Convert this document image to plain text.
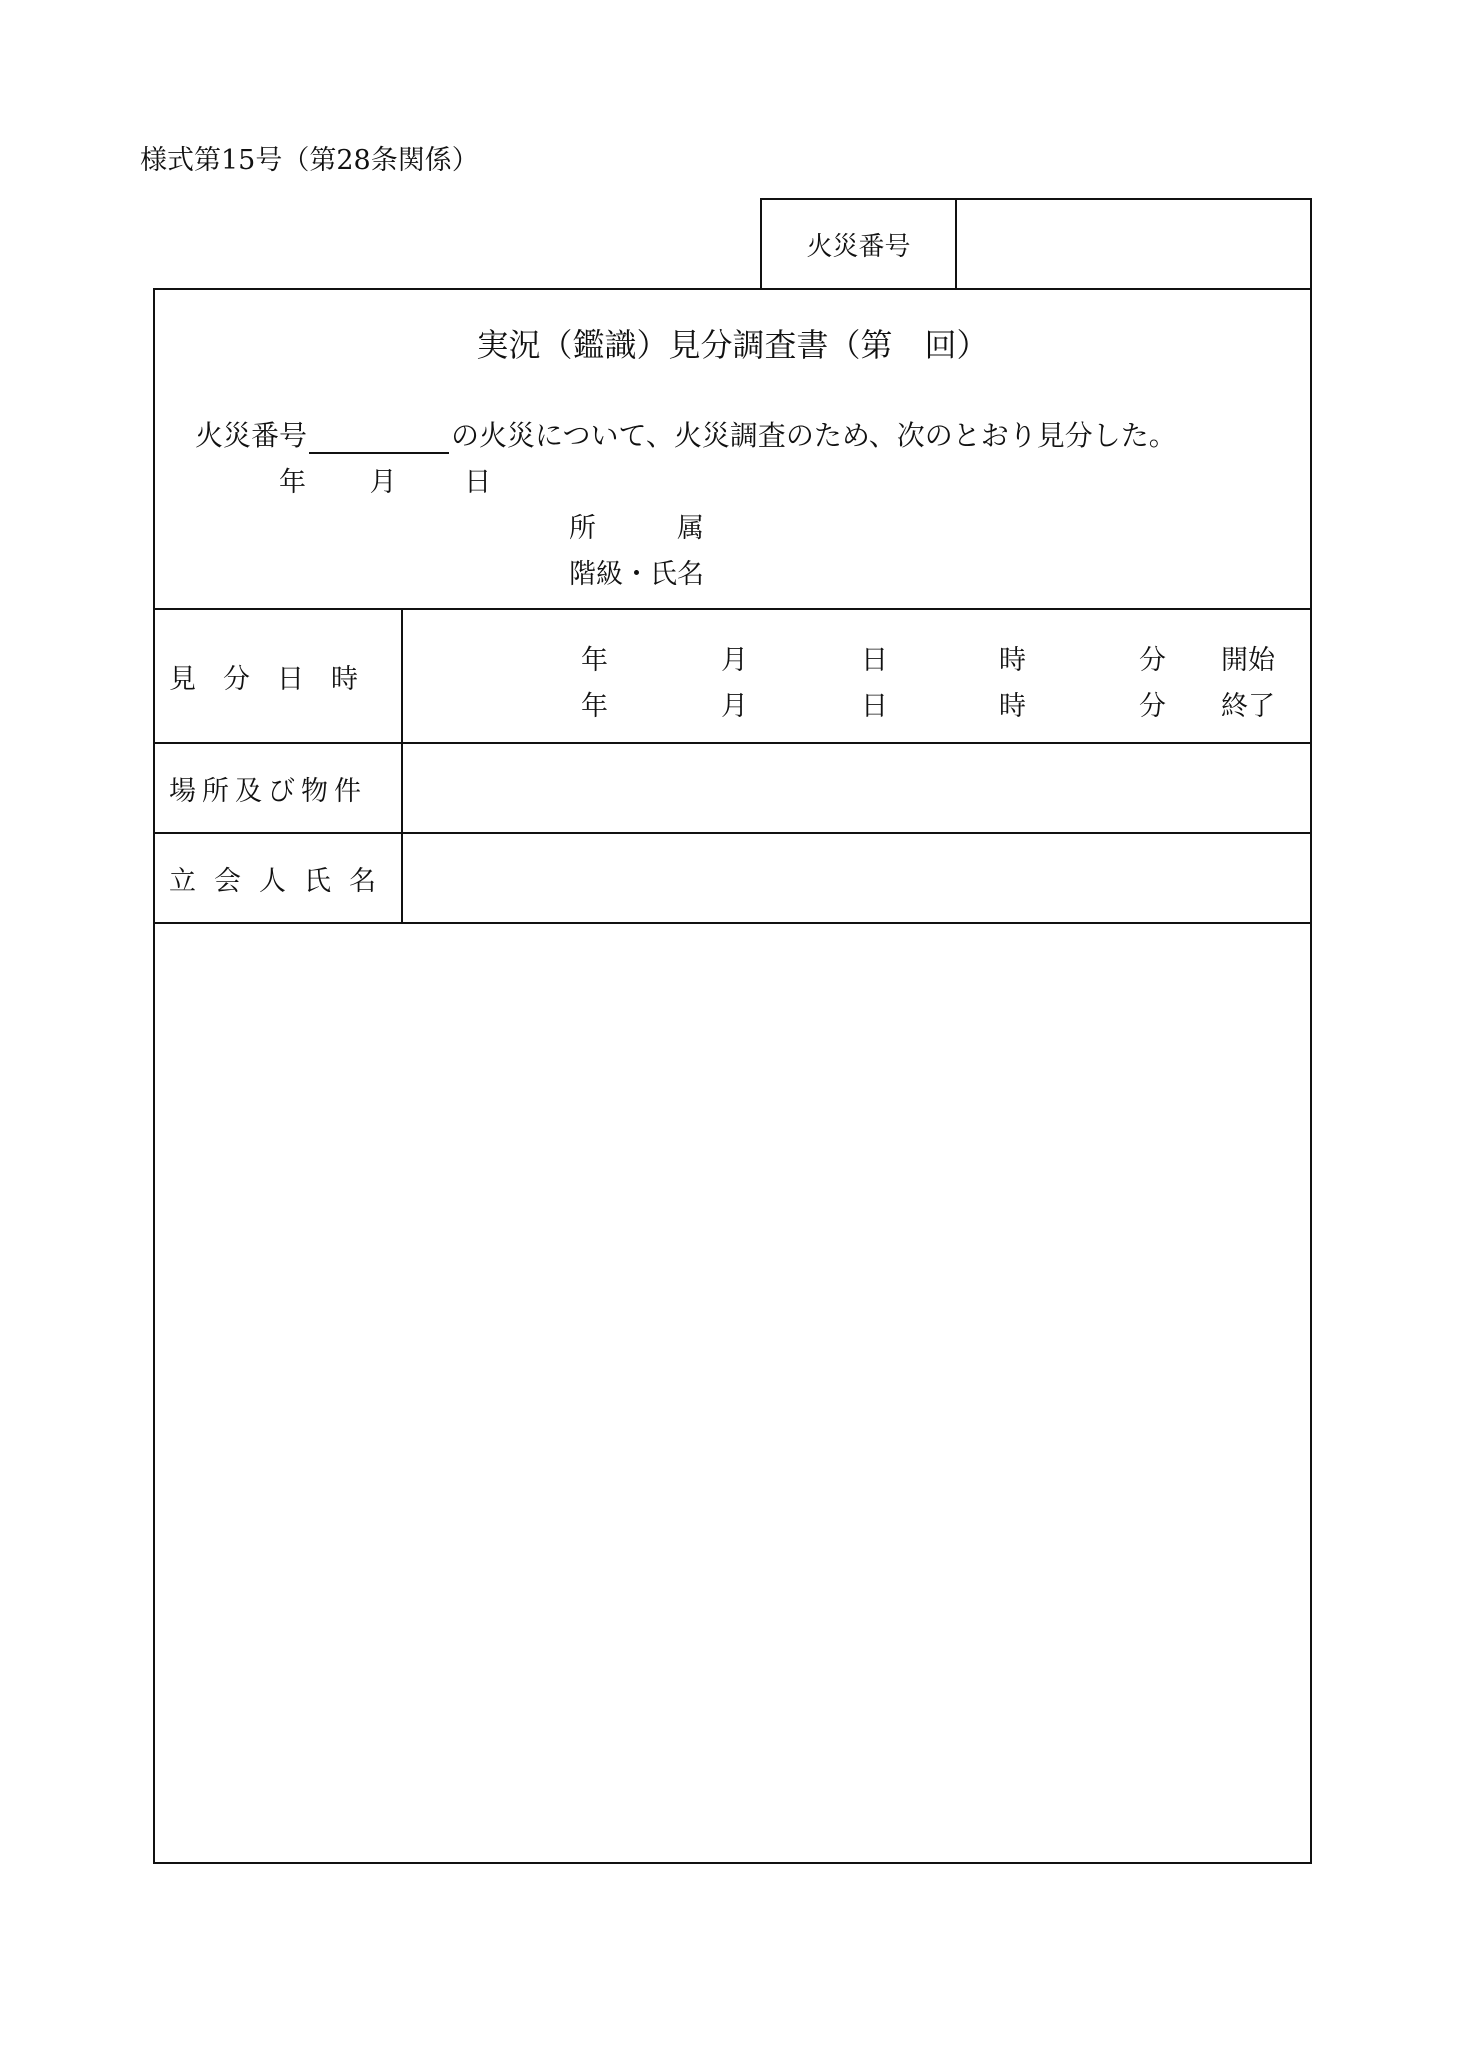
様式第15号（第28条関係）
火災番号
実況（鑑識）見分調査書（第　回）
火災番号	の火災について、火災調査のため、次のとおり見分した。
年 月	日
所　　　属
階級・氏名
見　分　日　時
年	月	日	時	分 開始
年	月	日	時	分 終了
場所及び物件
立会人氏名
